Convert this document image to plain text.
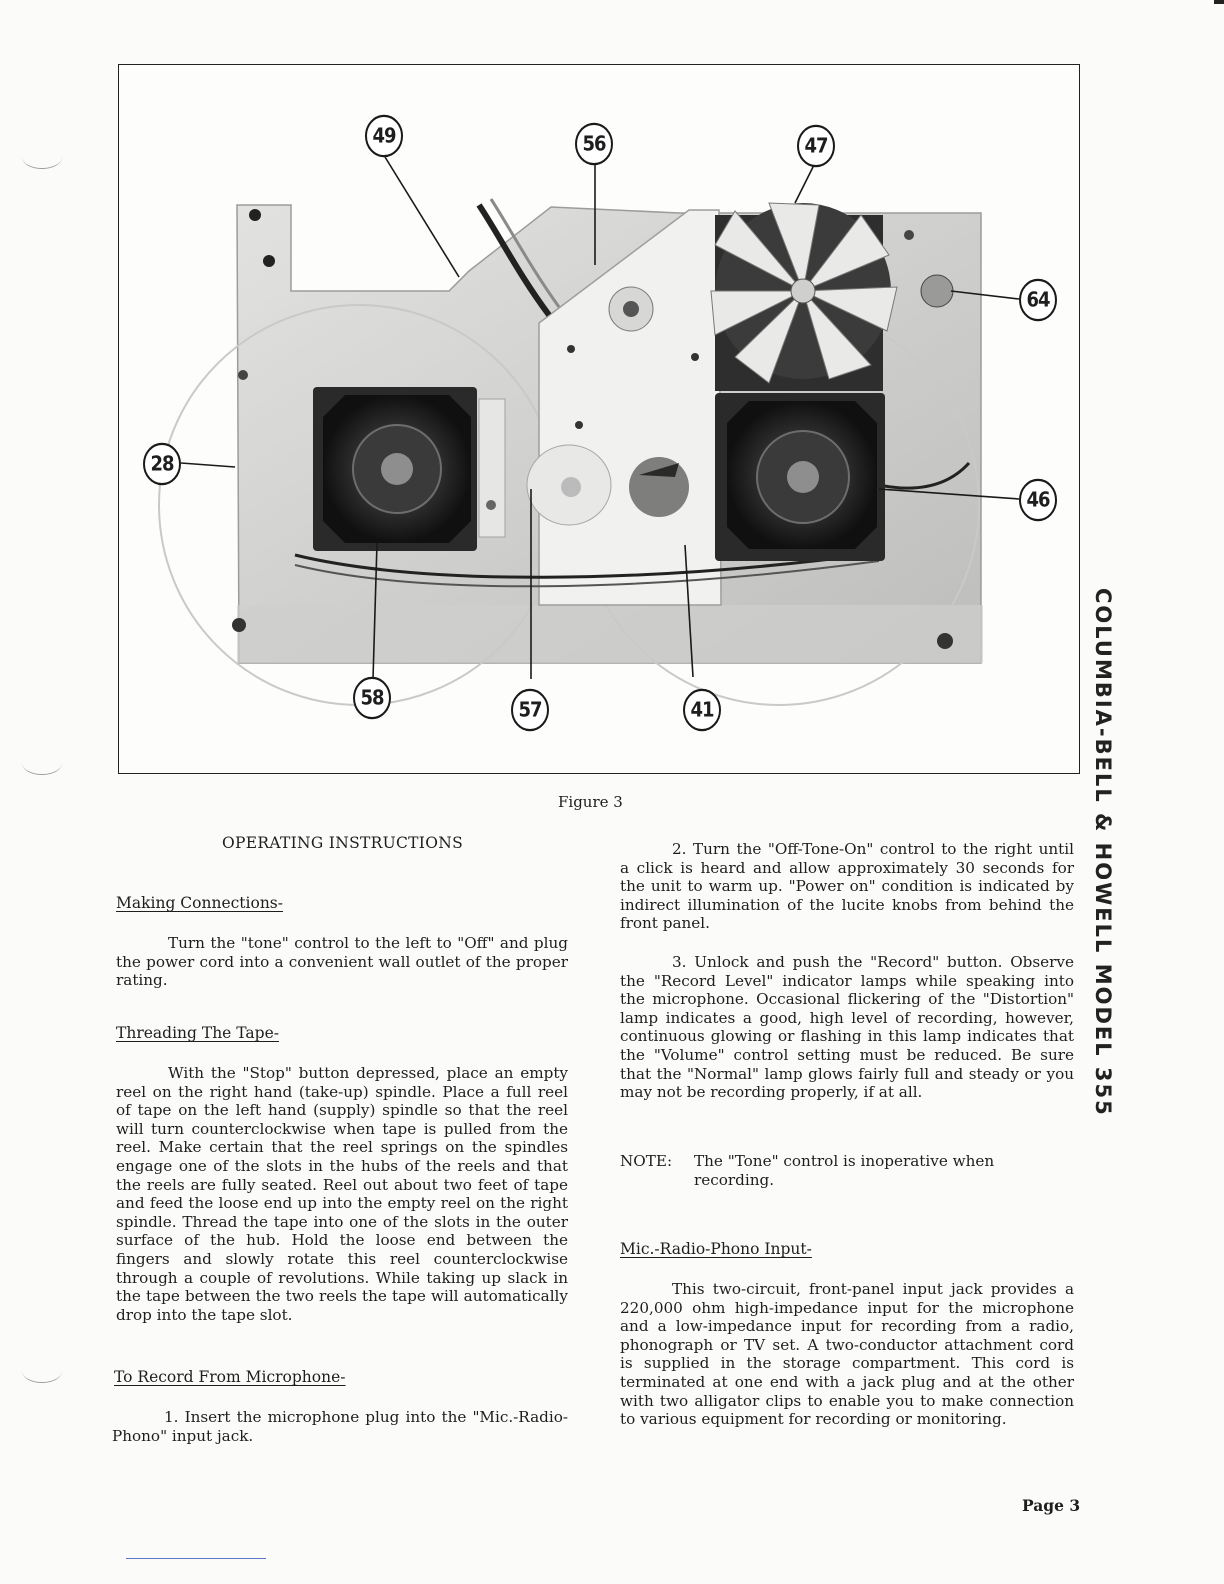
49	56	47
64
28
46
58
57	41
Figure 3	COLUMBIA-BELL & HOWELL MODEL 355
OPERATING INSTRUCTIONS
Making Connections-

Turn the "tone" control to the left to "Off" and plug the power cord into a convenient wall outlet of the proper rating.

Threading The Tape-

With the "Stop" button depressed, place an empty reel on the right hand (take-up) spindle. Place a full reel of tape on the left hand (supply) spindle so that the reel will turn counterclockwise when tape is pulled from the reel. Make certain that the reel springs on the spindles engage one of the slots in the hubs of the reels and that the reels are fully seated. Reel out about two feet of tape and feed the loose end up into the empty reel on the right spindle. Thread the tape into one of the slots in the outer surface of the hub. Hold the loose end between the fingers and slowly rotate this reel counterclockwise through a couple of revolutions. While taking up slack in the tape between the two reels the tape will automatically drop into the tape slot.

To Record From Microphone-

1. Insert the microphone plug into the "Mic.-Radio-Phono" input jack.

2. Turn the "Off-Tone-On" control to the right until a click is heard and allow approximately 30 seconds for the unit to warm up. "Power on" condition is indicated by indirect illumination of the lucite knobs from behind the front panel.

3. Unlock and push the "Record" button. Observe the "Record Level" indicator lamps while speaking into the microphone. Occasional flickering of the "Distortion" lamp indicates a good, high level of recording, however, continuous glowing or flashing in this lamp indicates that the "Volume" control setting must be reduced. Be sure that the "Normal" lamp glows fairly full and steady or you may not be recording properly, if at all.

NOTE:	The "Tone" control is inoperative when recording.
Mic.-Radio-Phono Input-

This two-circuit, front-panel input jack provides a 220,000 ohm high-impedance input for the microphone and a low-impedance input for recording from a radio, phonograph or TV set. A two-conductor attachment cord is supplied in the storage compartment. This cord is terminated at one end with a jack plug and at the other with two alligator clips to enable you to make connection to various equipment for recording or monitoring.

Page 3
